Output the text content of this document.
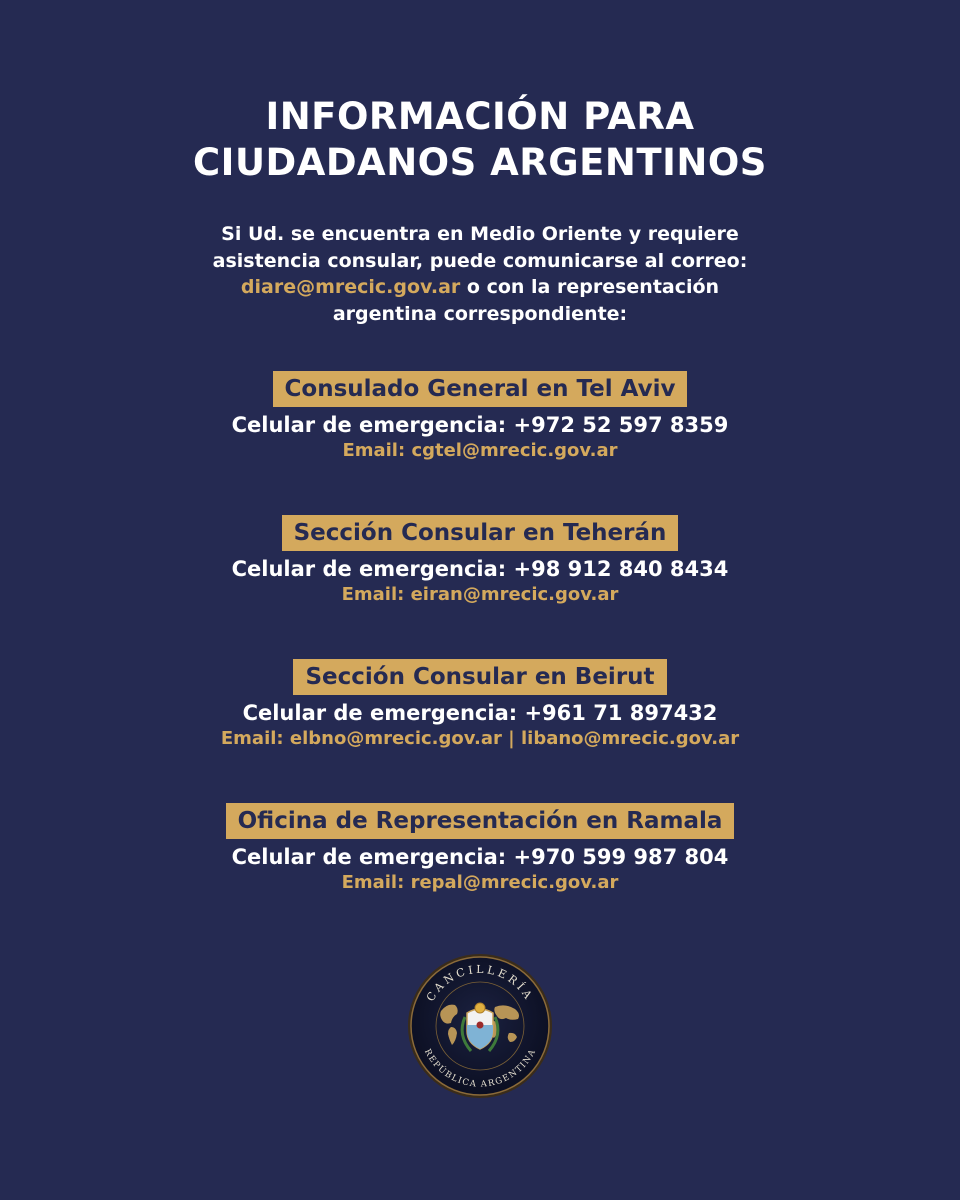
INFORMACIÓN PARA
CIUDADANOS ARGENTINOS
Si Ud. se encuentra en Medio Oriente y requiere
asistencia consular, puede comunicarse al correo:
diare@mrecic.gov.ar o con la representación
argentina correspondiente:
Consulado General en Tel Aviv
Celular de emergencia: +972 52 597 8359
Email: cgtel@mrecic.gov.ar
Sección Consular en Teherán
Celular de emergencia: +98 912 840 8434
Email: eiran@mrecic.gov.ar
Sección Consular en Beirut
Celular de emergencia: +961 71 897432
Email: elbno@mrecic.gov.ar | libano@mrecic.gov.ar
Oficina de Representación en Ramala
Celular de emergencia: +970 599 987 804
Email: repal@mrecic.gov.ar
CANCILLERÍA
REPÚBLICA ARGENTINA
